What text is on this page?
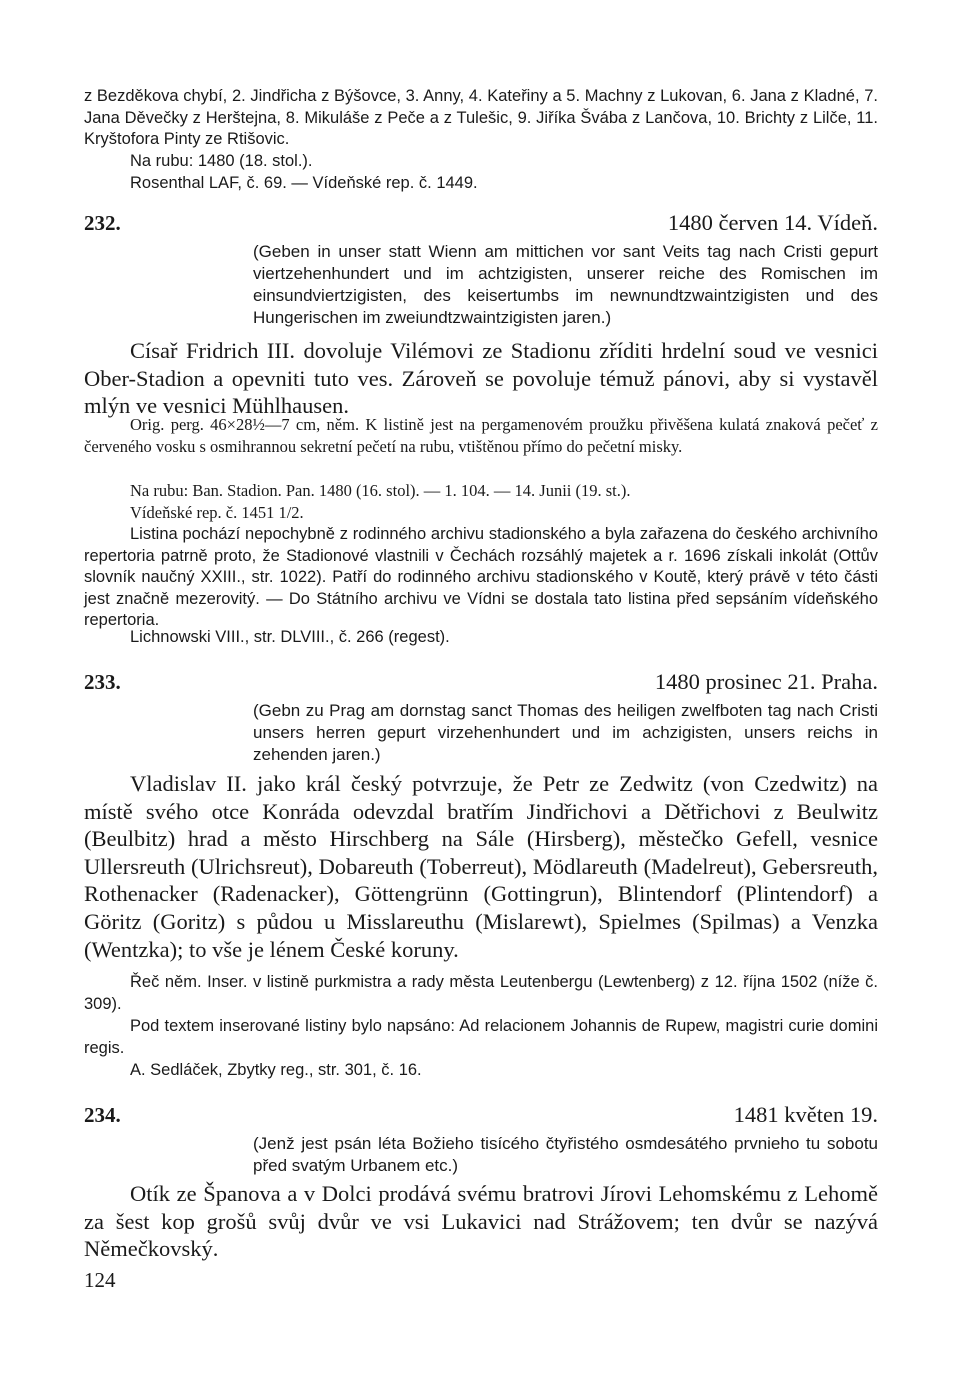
z Bezděkova chybí, 2. Jindřicha z Býšovce, 3. Anny, 4. Kateřiny a 5. Machny z Lukovan, 6. Jana z Kladné, 7. Jana Děvečky z Herštejna, 8. Mikuláše z Peče a z Tulešic, 9. Jiříka Švába z Lančova, 10. Brichty z Lilče, 11. Kryštofora Pinty ze Rtišovic.

Na rubu: 1480 (18. stol.).

Rosenthal LAF, č. 69. — Vídeňské rep. č. 1449.

232.	1480 červen 14. Vídeň.

(Geben in unser statt Wienn am mittichen vor sant Veits tag nach Cristi gepurt viertzehenhundert und im achtzigisten, unserer reiche des Romischen im einsundviertzigisten, des keisertumbs im newnundtzwaintzigisten und des Hungerischen im zweiundtzwaintzigisten jaren.)

Císař Fridrich III. dovoluje Vilémovi ze Stadionu zříditi hrdelní soud ve vesnici Ober-Stadion a opevniti tuto ves. Zároveň se povoluje témuž pánovi, aby si vystavěl mlýn ve vesnici Mühlhausen.

Orig. perg. 46×28½—7 cm, něm. K listině jest na pergamenovém proužku přivěšena kulatá znaková pečeť z červeného vosku s osmihrannou sekretní pečetí na rubu, vtištěnou přímo do pečetní misky.

Na rubu: Ban. Stadion. Pan. 1480 (16. stol). — 1. 104. — 14. Junii (19. st.).

Vídeňské rep. č. 1451 1/2.

Listina pochází nepochybně z rodinného archivu stadionského a byla zařazena do českého archivního repertoria patrně proto, že Stadionové vlastnili v Čechách rozsáhlý majetek a r. 1696 získali inkolát (Ottův slovník naučný XXIII., str. 1022). Patří do rodinného archivu stadionského v Koutě, který právě v této části jest značně mezerovitý. — Do Státního archivu ve Vídni se dostala tato listina před sepsáním vídeňského repertoria.

Lichnowski VIII., str. DLVIII., č. 266 (regest).

233.	1480 prosinec 21. Praha.

(Gebn zu Prag am dornstag sanct Thomas des heiligen zwelfboten tag nach Cristi unsers herren gepurt virzehenhundert und im achzigisten, unsers reichs in zehenden jaren.)

Vladislav II. jako král český potvrzuje, že Petr ze Zedwitz (von Czedwitz) na místě svého otce Konráda odevzdal bratřím Jindřichovi a Dětřichovi z Beulwitz (Beulbitz) hrad a město Hirschberg na Sále (Hirsberg), městečko Gefell, vesnice Ullersreuth (Ulrichsreut), Dobareuth (Toberreut), Mödlareuth (Madelreut), Gebersreuth, Rothenacker (Radenacker), Göttengrünn (Gottingrun), Blintendorf (Plintendorf) a Göritz (Goritz) s půdou u Misslareuthu (Mislarewt), Spielmes (Spilmas) a Venzka (Wentzka); to vše je lénem České koruny.

Řeč něm. Inser. v listině purkmistra a rady města Leutenbergu (Lewtenberg) z 12. října 1502 (níže č. 309).

Pod textem inserované listiny bylo napsáno: Ad relacionem Johannis de Rupew, magistri curie domini regis.

A. Sedláček, Zbytky reg., str. 301, č. 16.

234.	1481 květen 19.

(Jenž jest psán léta Božieho tisícého čtyřistého osmdesátého prvnieho tu sobotu před svatým Urbanem etc.)

Otík ze Španova a v Dolci prodává svému bratrovi Jírovi Lehomskému z Lehomě za šest kop grošů svůj dvůr ve vsi Lukavici nad Strážovem; ten dvůr se nazývá Němečkovský.

124
